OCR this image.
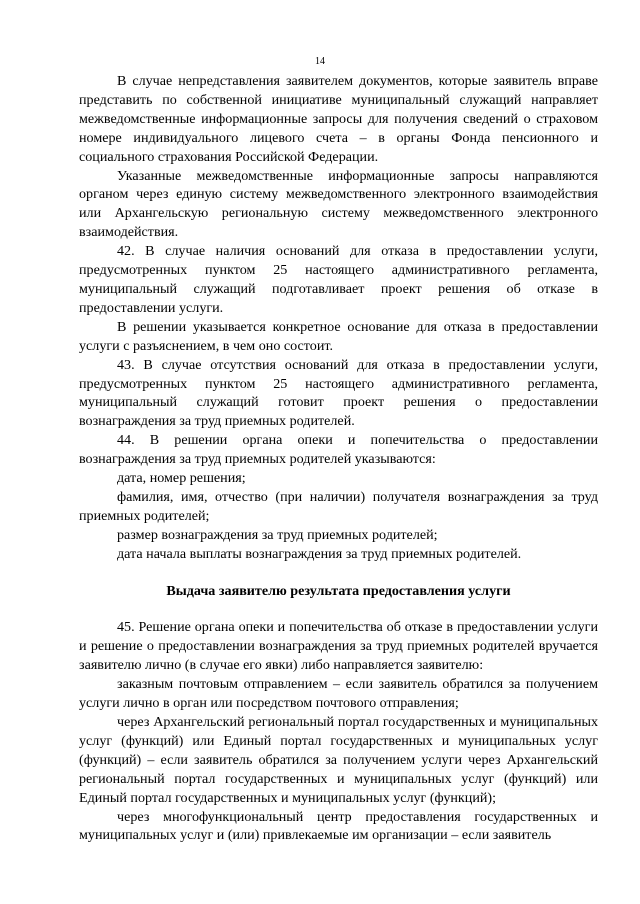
14

В случае непредставления заявителем документов, которые заявитель вправе представить по собственной инициативе муниципальный служащий направляет межведомственные информационные запросы для получения сведений о страховом номере индивидуального лицевого счета – в органы Фонда пенсионного и социального страхования Российской Федерации.

Указанные межведомственные информационные запросы направляются органом через единую систему межведомственного электронного взаимодействия или Архангельскую региональную систему межведомственного электронного взаимодействия.

42. В случае наличия оснований для отказа в предоставлении услуги, предусмотренных пунктом 25 настоящего административного регламента, муниципальный служащий подготавливает проект решения об отказе в предоставлении услуги.

В решении указывается конкретное основание для отказа в предоставлении услуги с разъяснением, в чем оно состоит.

43. В случае отсутствия оснований для отказа в предоставлении услуги, предусмотренных пунктом 25 настоящего административного регламента, муниципальный служащий готовит проект решения о предоставлении вознаграждения за труд приемных родителей.

44. В решении органа опеки и попечительства о предоставлении вознаграждения за труд приемных родителей указываются:

дата, номер решения;

фамилия, имя, отчество (при наличии) получателя вознаграждения за труд приемных родителей;

размер вознаграждения за труд приемных родителей;

дата начала выплаты вознаграждения за труд приемных родителей.

Выдача заявителю результата предоставления услуги

45. Решение органа опеки и попечительства об отказе в предоставлении услуги и решение о предоставлении вознаграждения за труд приемных родителей вручается заявителю лично (в случае его явки) либо направляется заявителю:

заказным почтовым отправлением – если заявитель обратился за получением услуги лично в орган или посредством почтового отправления;

через Архангельский региональный портал государственных и муниципальных услуг (функций) или Единый портал государственных и муниципальных услуг (функций) – если заявитель обратился за получением услуги через Архангельский региональный портал государственных и муниципальных услуг (функций) или Единый портал государственных и муниципальных услуг (функций);

через многофункциональный центр предоставления государственных и муниципальных услуг и (или) привлекаемые им организации – если заявитель
